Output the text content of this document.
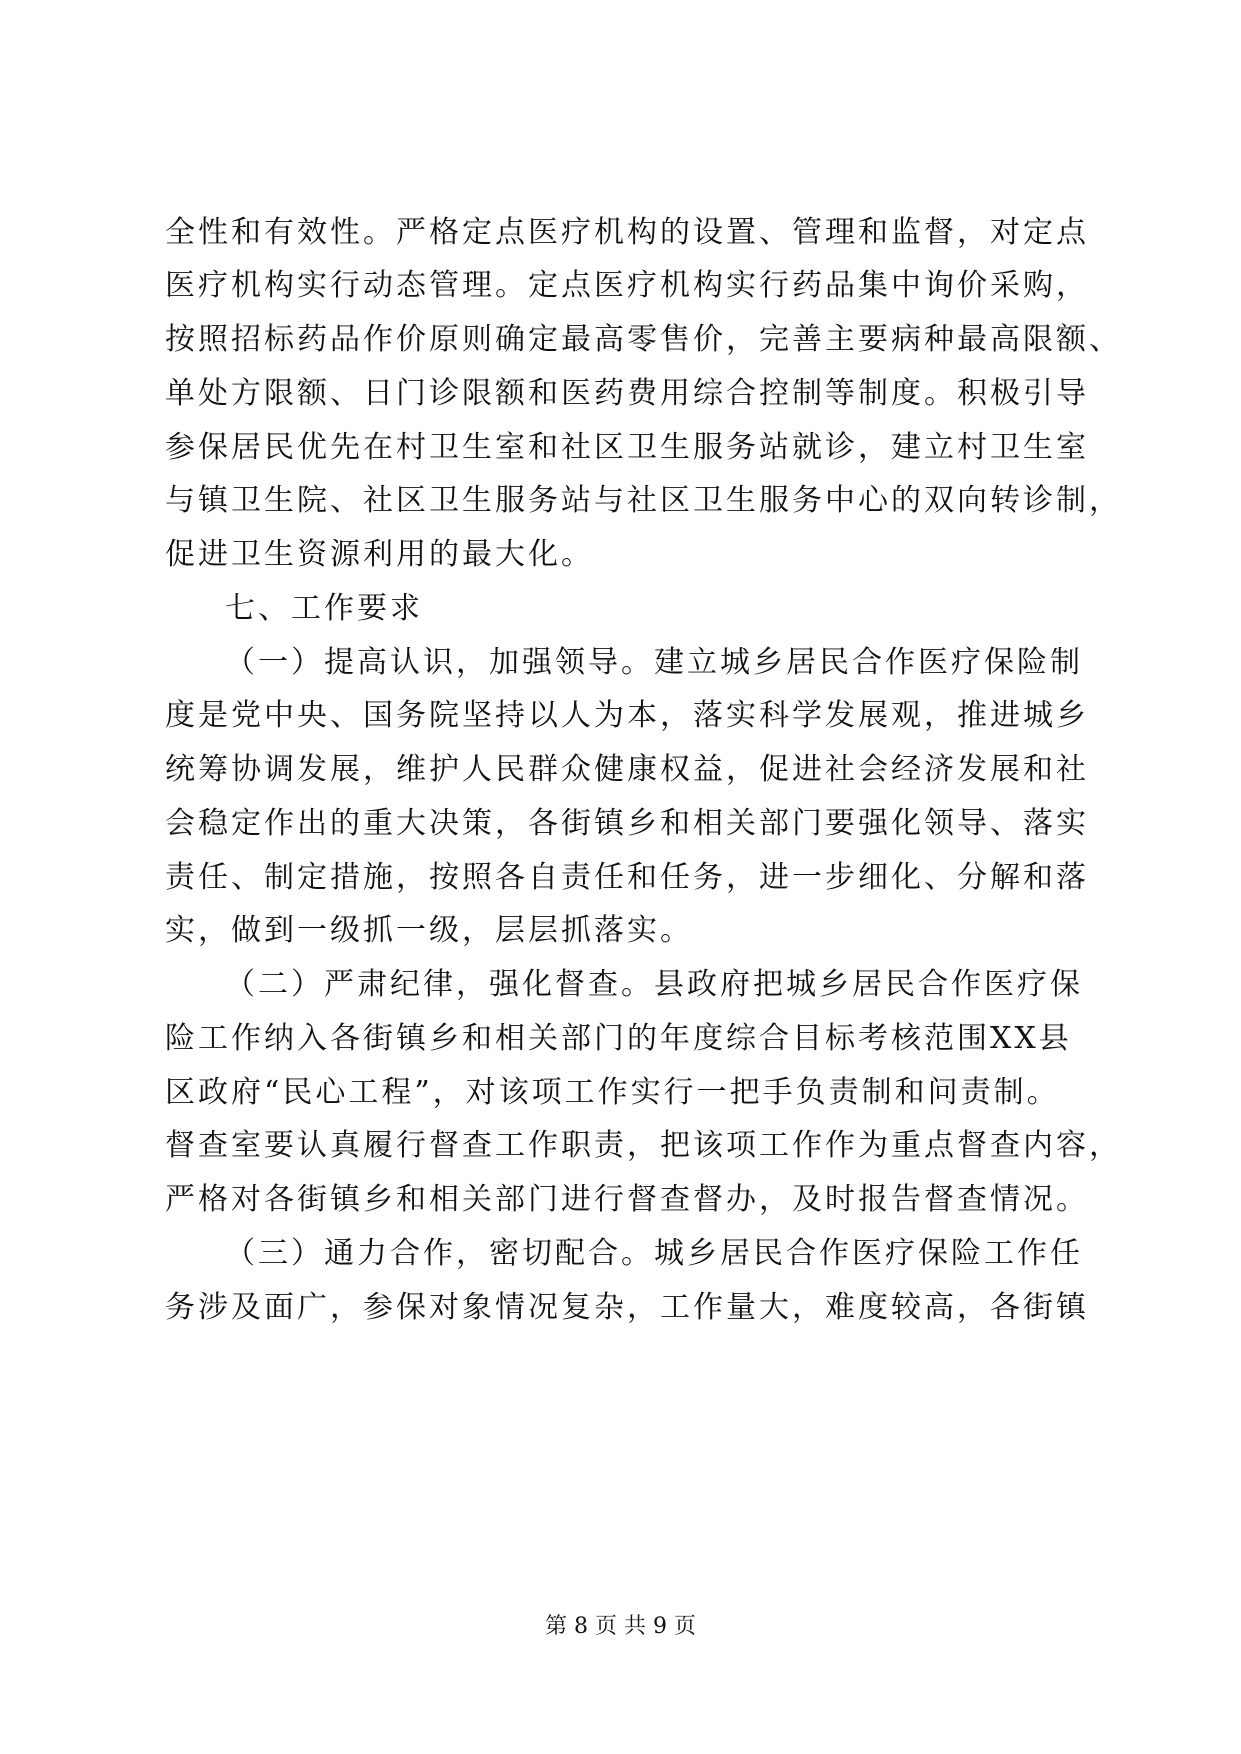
全性和有效性。严格定点医疗机构的设置、管理和监督，对定点
医疗机构实行动态管理。定点医疗机构实行药品集中询价采购，
按照招标药品作价原则确定最高零售价，完善主要病种最高限额、
单处方限额、日门诊限额和医药费用综合控制等制度。积极引导
参保居民优先在村卫生室和社区卫生服务站就诊，建立村卫生室
与镇卫生院、社区卫生服务站与社区卫生服务中心的双向转诊制，
促进卫生资源利用的最大化。
七、工作要求
（一）提高认识，加强领导。建立城乡居民合作医疗保险制
度是党中央、国务院坚持以人为本，落实科学发展观，推进城乡
统筹协调发展，维护人民群众健康权益，促进社会经济发展和社
会稳定作出的重大决策，各街镇乡和相关部门要强化领导、落实
责任、制定措施，按照各自责任和任务，进一步细化、分解和落
实，做到一级抓一级，层层抓落实。
（二）严肃纪律，强化督查。县政府把城乡居民合作医疗保
险工作纳入各街镇乡和相关部门的年度综合目标考核范围XX县
区政府“民心工程”，对该项工作实行一把手负责制和问责制。
督查室要认真履行督查工作职责，把该项工作作为重点督查内容，
严格对各街镇乡和相关部门进行督查督办，及时报告督查情况。
（三）通力合作，密切配合。城乡居民合作医疗保险工作任
务涉及面广，参保对象情况复杂，工作量大，难度较高，各街镇
第 8 页 共 9 页
